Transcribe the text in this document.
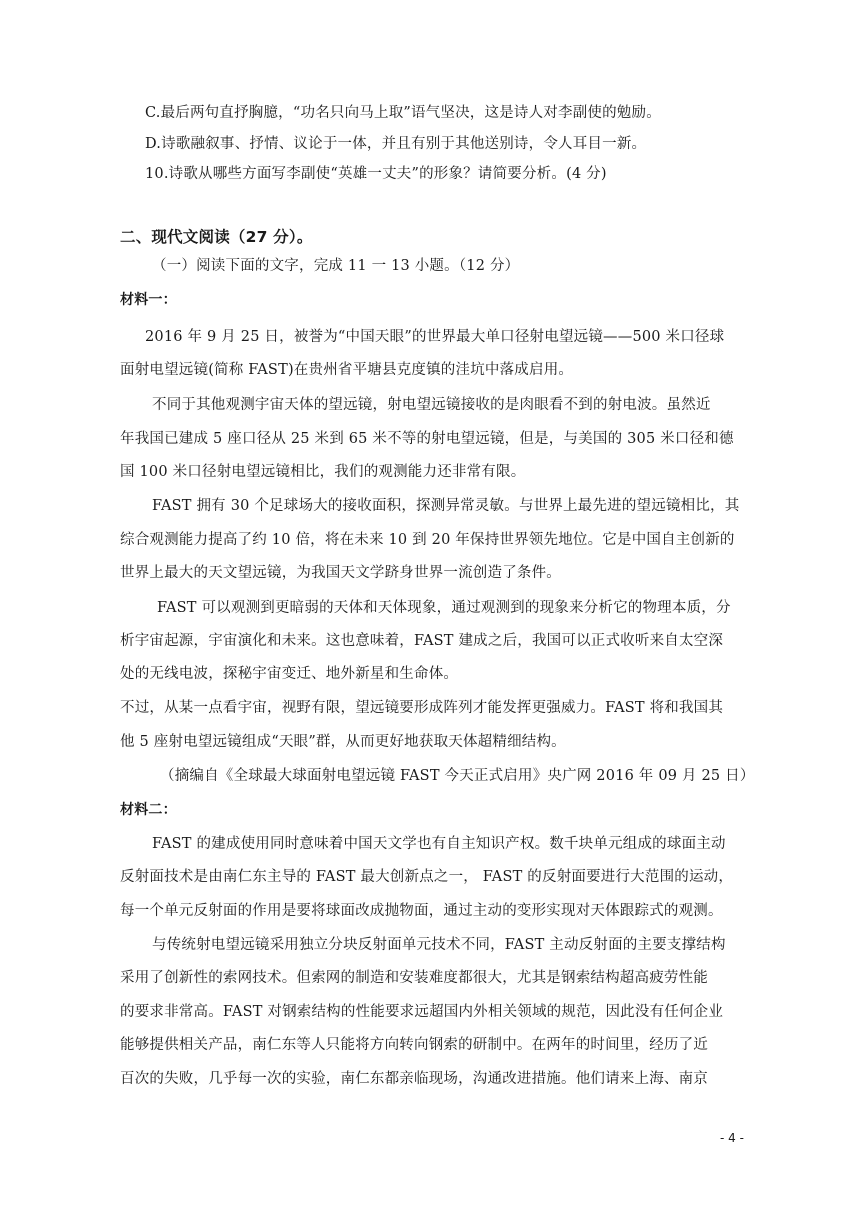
C.最后两句直抒胸臆，“功名只向马上取”语气坚决，这是诗人对李副使的勉励。
D.诗歌融叙事、抒情、议论于一体，并且有别于其他送别诗，令人耳目一新。
10.诗歌从哪些方面写李副使“英雄一丈夫”的形象？请简要分析。(4 分)
二、现代文阅读（27 分）。
（一）阅读下面的文字，完成 11 一 13 小题。（12 分）
材料一：
2016 年 9 月 25 日，被誉为“中国天眼”的世界最大单口径射电望远镜——500 米口径球
面射电望远镜(简称 FAST)在贵州省平塘县克度镇的洼坑中落成启用。
不同于其他观测宇宙天体的望远镜，射电望远镜接收的是肉眼看不到的射电波。虽然近
年我国已建成 5 座口径从 25 米到 65 米不等的射电望远镜，但是，与美国的 305 米口径和德
国 100 米口径射电望远镜相比，我们的观测能力还非常有限。
FAST 拥有 30 个足球场大的接收面积，探测异常灵敏。与世界上最先进的望远镜相比，其
综合观测能力提高了约 10 倍，将在未来 10 到 20 年保持世界领先地位。它是中国自主创新的
世界上最大的天文望远镜，为我国天文学跻身世界一流创造了条件。
FAST 可以观测到更暗弱的天体和天体现象，通过观测到的现象来分析它的物理本质，分
析宇宙起源，宇宙演化和未来。这也意味着，FAST 建成之后，我国可以正式收听来自太空深
处的无线电波，探秘宇宙变迁、地外新星和生命体。
不过，从某一点看宇宙，视野有限，望远镜要形成阵列才能发挥更强威力。FAST 将和我国其
他 5 座射电望远镜组成“天眼”群，从而更好地获取天体超精细结构。
（摘编自《全球最大球面射电望远镜 FAST 今天正式启用》央广网 2016 年 09 月 25 日）
材料二：
FAST 的建成使用同时意味着中国天文学也有自主知识产权。数千块单元组成的球面主动
反射面技术是由南仁东主导的 FAST 最大创新点之一， FAST 的反射面要进行大范围的运动，
每一个单元反射面的作用是要将球面改成抛物面，通过主动的变形实现对天体跟踪式的观测。
与传统射电望远镜采用独立分块反射面单元技术不同，FAST 主动反射面的主要支撑结构
采用了创新性的索网技术。但索网的制造和安装难度都很大，尤其是钢索结构超高疲劳性能
的要求非常高。FAST 对钢索结构的性能要求远超国内外相关领域的规范，因此没有任何企业
能够提供相关产品，南仁东等人只能将方向转向钢索的研制中。在两年的时间里，经历了近
百次的失败，几乎每一次的实验，南仁东都亲临现场，沟通改进措施。他们请来上海、南京
- 4 -
